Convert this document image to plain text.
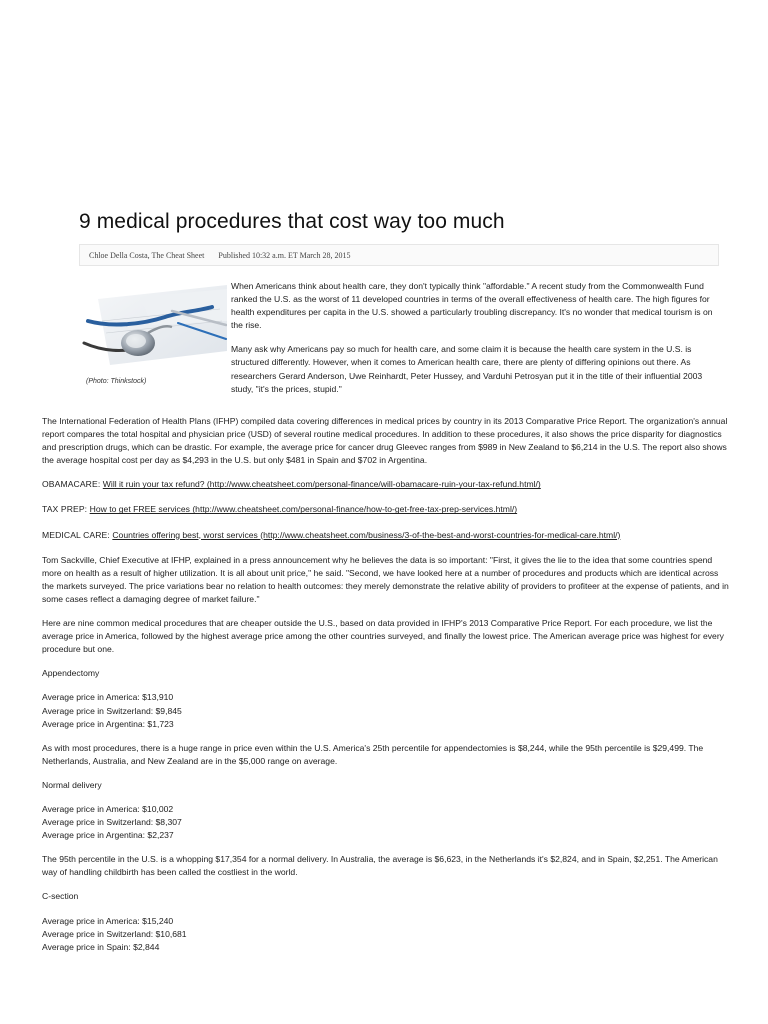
9 medical procedures that cost way too much
Chloe Della Costa, The Cheat Sheet Published 10:32 a.m. ET March 28, 2015
(Photo: Thinkstock)

When Americans think about health care, they don't typically think "affordable." A recent study from the Commonwealth Fund ranked the U.S. as the worst of 11 developed countries in terms of the overall effectiveness of health care. The high figures for health expenditures per capita in the U.S. showed a particularly troubling discrepancy. It's no wonder that medical tourism is on the rise.

Many ask why Americans pay so much for health care, and some claim it is because the health care system in the U.S. is structured differently. However, when it comes to American health care, there are plenty of differing opinions out there. As researchers Gerard Anderson, Uwe Reinhardt, Peter Hussey, and Varduhi Petrosyan put it in the title of their influential 2003 study, "it's the prices, stupid."

The International Federation of Health Plans (IFHP) compiled data covering differences in medical prices by country in its 2013 Comparative Price Report. The organization's annual report compares the total hospital and physician price (USD) of several routine medical procedures. In addition to these procedures, it also shows the price disparity for diagnostics and prescription drugs, which can be drastic. For example, the average price for cancer drug Gleevec ranges from $989 in New Zealand to $6,214 in the U.S. The report also shows the average hospital cost per day as $4,293 in the U.S. but only $481 in Spain and $702 in Argentina.

OBAMACARE: Will it ruin your tax refund? (http://www.cheatsheet.com/personal-finance/will-obamacare-ruin-your-tax-refund.html/)

TAX PREP: How to get FREE services (http://www.cheatsheet.com/personal-finance/how-to-get-free-tax-prep-services.html/)

MEDICAL CARE: Countries offering best, worst services (http://www.cheatsheet.com/business/3-of-the-best-and-worst-countries-for-medical-care.html/)

Tom Sackville, Chief Executive at IFHP, explained in a press announcement why he believes the data is so important: "First, it gives the lie to the idea that some countries spend more on health as a result of higher utilization. It is all about unit price," he said. "Second, we have looked here at a number of procedures and products which are identical across the markets surveyed. The price variations bear no relation to health outcomes: they merely demonstrate the relative ability of providers to profiteer at the expense of patients, and in some cases reflect a damaging degree of market failure."

Here are nine common medical procedures that are cheaper outside the U.S., based on data provided in IFHP's 2013 Comparative Price Report. For each procedure, we list the average price in America, followed by the highest average price among the other countries surveyed, and finally the lowest price. The American average price was highest for every procedure but one.

Appendectomy

Average price in America: $13,910
Average price in Switzerland: $9,845
Average price in Argentina: $1,723

As with most procedures, there is a huge range in price even within the U.S. America's 25th percentile for appendectomies is $8,244, while the 95th percentile is $29,499. The Netherlands, Australia, and New Zealand are in the $5,000 range on average.

Normal delivery

Average price in America: $10,002
Average price in Switzerland: $8,307
Average price in Argentina: $2,237

The 95th percentile in the U.S. is a whopping $17,354 for a normal delivery. In Australia, the average is $6,623, in the Netherlands it's $2,824, and in Spain, $2,251. The American way of handling childbirth has been called the costliest in the world.

C-section

Average price in America: $15,240
Average price in Switzerland: $10,681
Average price in Spain: $2,844
